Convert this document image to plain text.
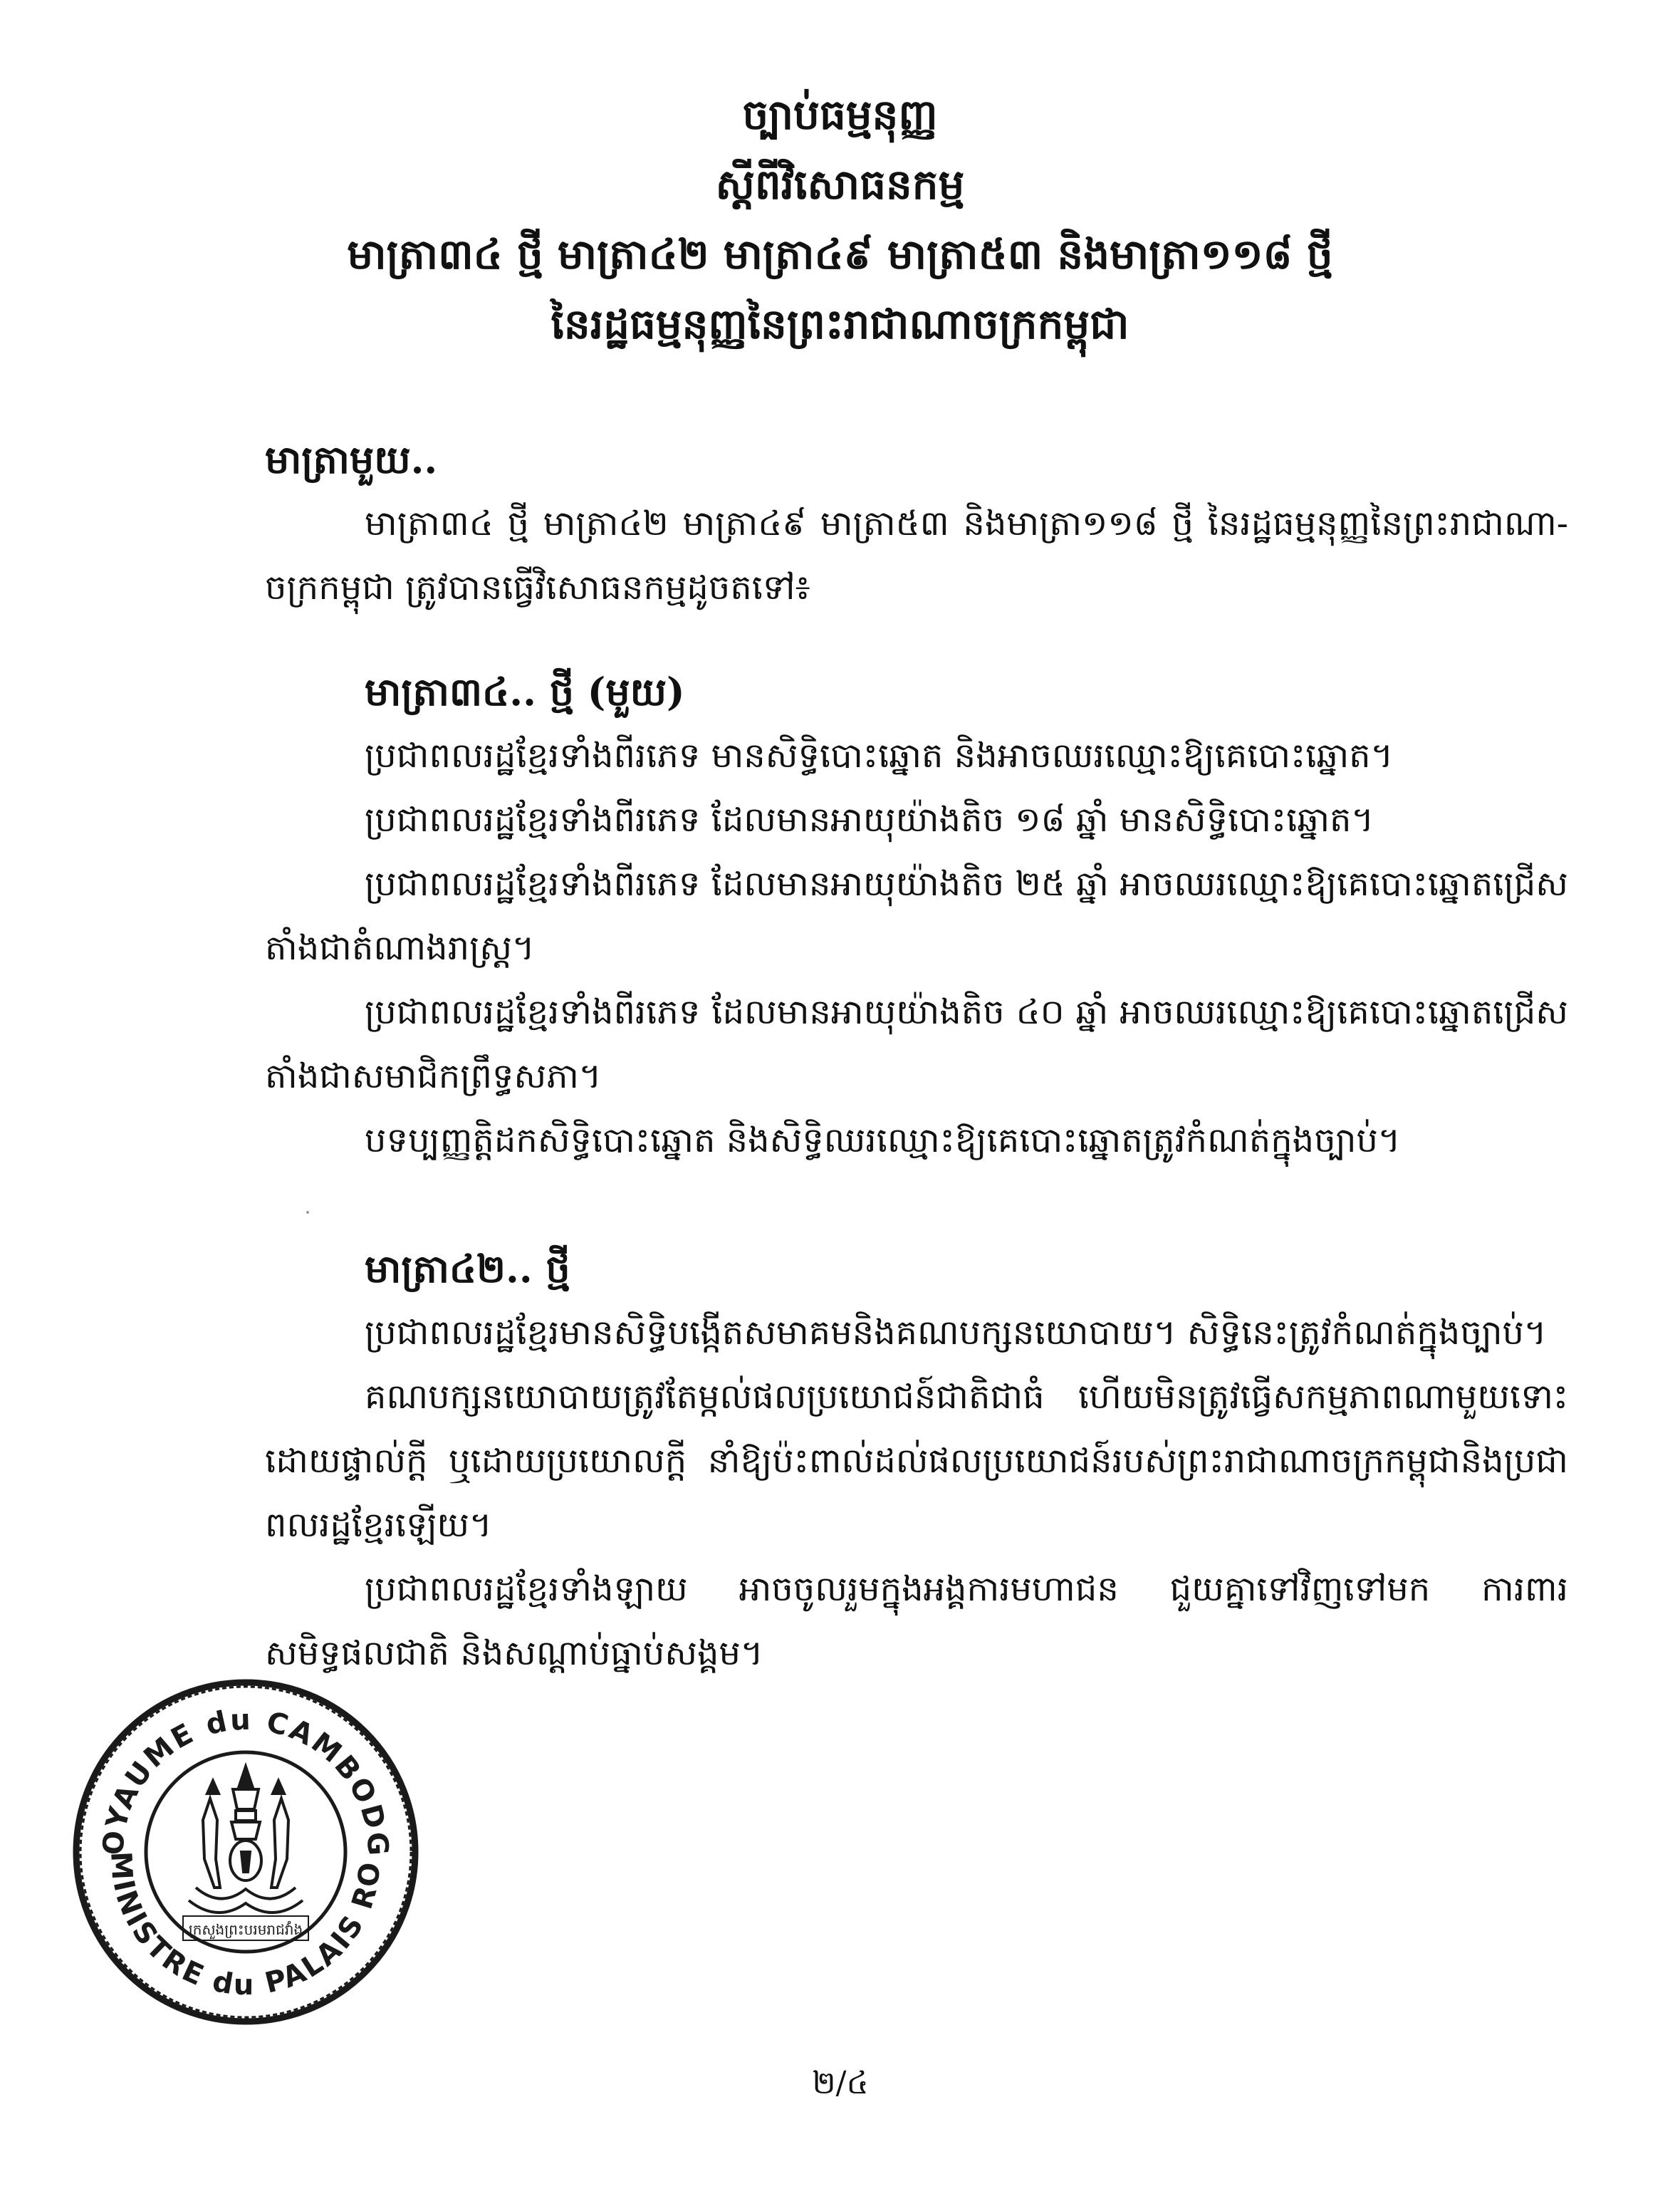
ច្បាប់ធម្មនុញ្ញ
ស្តីពីវិសោធនកម្ម
មាត្រា៣៤ ថ្មី មាត្រា៤២ មាត្រា៤៩ មាត្រា៥៣ និងមាត្រា១១៨ ថ្មី
នៃរដ្ឋធម្មនុញ្ញនៃព្រះរាជាណាចក្រកម្ពុជា

មាត្រាមួយ..

មាត្រា៣៤ ថ្មី មាត្រា៤២ មាត្រា៤៩ មាត្រា៥៣ និងមាត្រា១១៨ ថ្មី នៃរដ្ឋធម្មនុញ្ញនៃព្រះរាជាណា-ចក្រកម្ពុជា ត្រូវបានធ្វើវិសោធនកម្មដូចតទៅ៖

មាត្រា៣៤.. ថ្មី (មួយ)

ប្រជាពលរដ្ឋខ្មែរទាំងពីរភេទ មានសិទ្ធិបោះឆ្នោត និងអាចឈរឈ្មោះឱ្យគេបោះឆ្នោត។

ប្រជាពលរដ្ឋខ្មែរទាំងពីរភេទ ដែលមានអាយុយ៉ាងតិច ១៨ ឆ្នាំ មានសិទ្ធិបោះឆ្នោត។

ប្រជាពលរដ្ឋខ្មែរទាំងពីរភេទ ដែលមានអាយុយ៉ាងតិច ២៥ ឆ្នាំ អាចឈរឈ្មោះឱ្យគេបោះឆ្នោតជ្រើសតាំងជាតំណាងរាស្ត្រ។

ប្រជាពលរដ្ឋខ្មែរទាំងពីរភេទ ដែលមានអាយុយ៉ាងតិច ៤០ ឆ្នាំ អាចឈរឈ្មោះឱ្យគេបោះឆ្នោតជ្រើសតាំងជាសមាជិកព្រឹទ្ធសភា។

បទប្បញ្ញត្តិដកសិទ្ធិបោះឆ្នោត និងសិទ្ធិឈរឈ្មោះឱ្យគេបោះឆ្នោតត្រូវកំណត់ក្នុងច្បាប់។

មាត្រា៤២.. ថ្មី

ប្រជាពលរដ្ឋខ្មែរមានសិទ្ធិបង្កើតសមាគមនិងគណបក្សនយោបាយ។ សិទ្ធិនេះត្រូវកំណត់ក្នុងច្បាប់។

គណបក្សនយោបាយត្រូវតែម្កល់ផលប្រយោជន៍ជាតិជាធំ ហើយមិនត្រូវធ្វើសកម្មភាពណាមួយទោះដោយផ្ទាល់ក្តី ឬដោយប្រយោលក្តី នាំឱ្យប៉ះពាល់ដល់ផលប្រយោជន៍របស់ព្រះរាជាណាចក្រកម្ពុជានិងប្រជាពលរដ្ឋខ្មែរឡើយ។

ប្រជាពលរដ្ឋខ្មែរទាំងឡាយ អាចចូលរួមក្នុងអង្គការមហាជន ជួយគ្នាទៅវិញទៅមក ការពារសមិទ្ធផលជាតិ និងសណ្តាប់ធ្នាប់សង្គម។

OYAUME du CAMBODG
MINISTRE du PALAIS RO
ក្រសួងព្រះបរមរាជវាំង
២/៤
